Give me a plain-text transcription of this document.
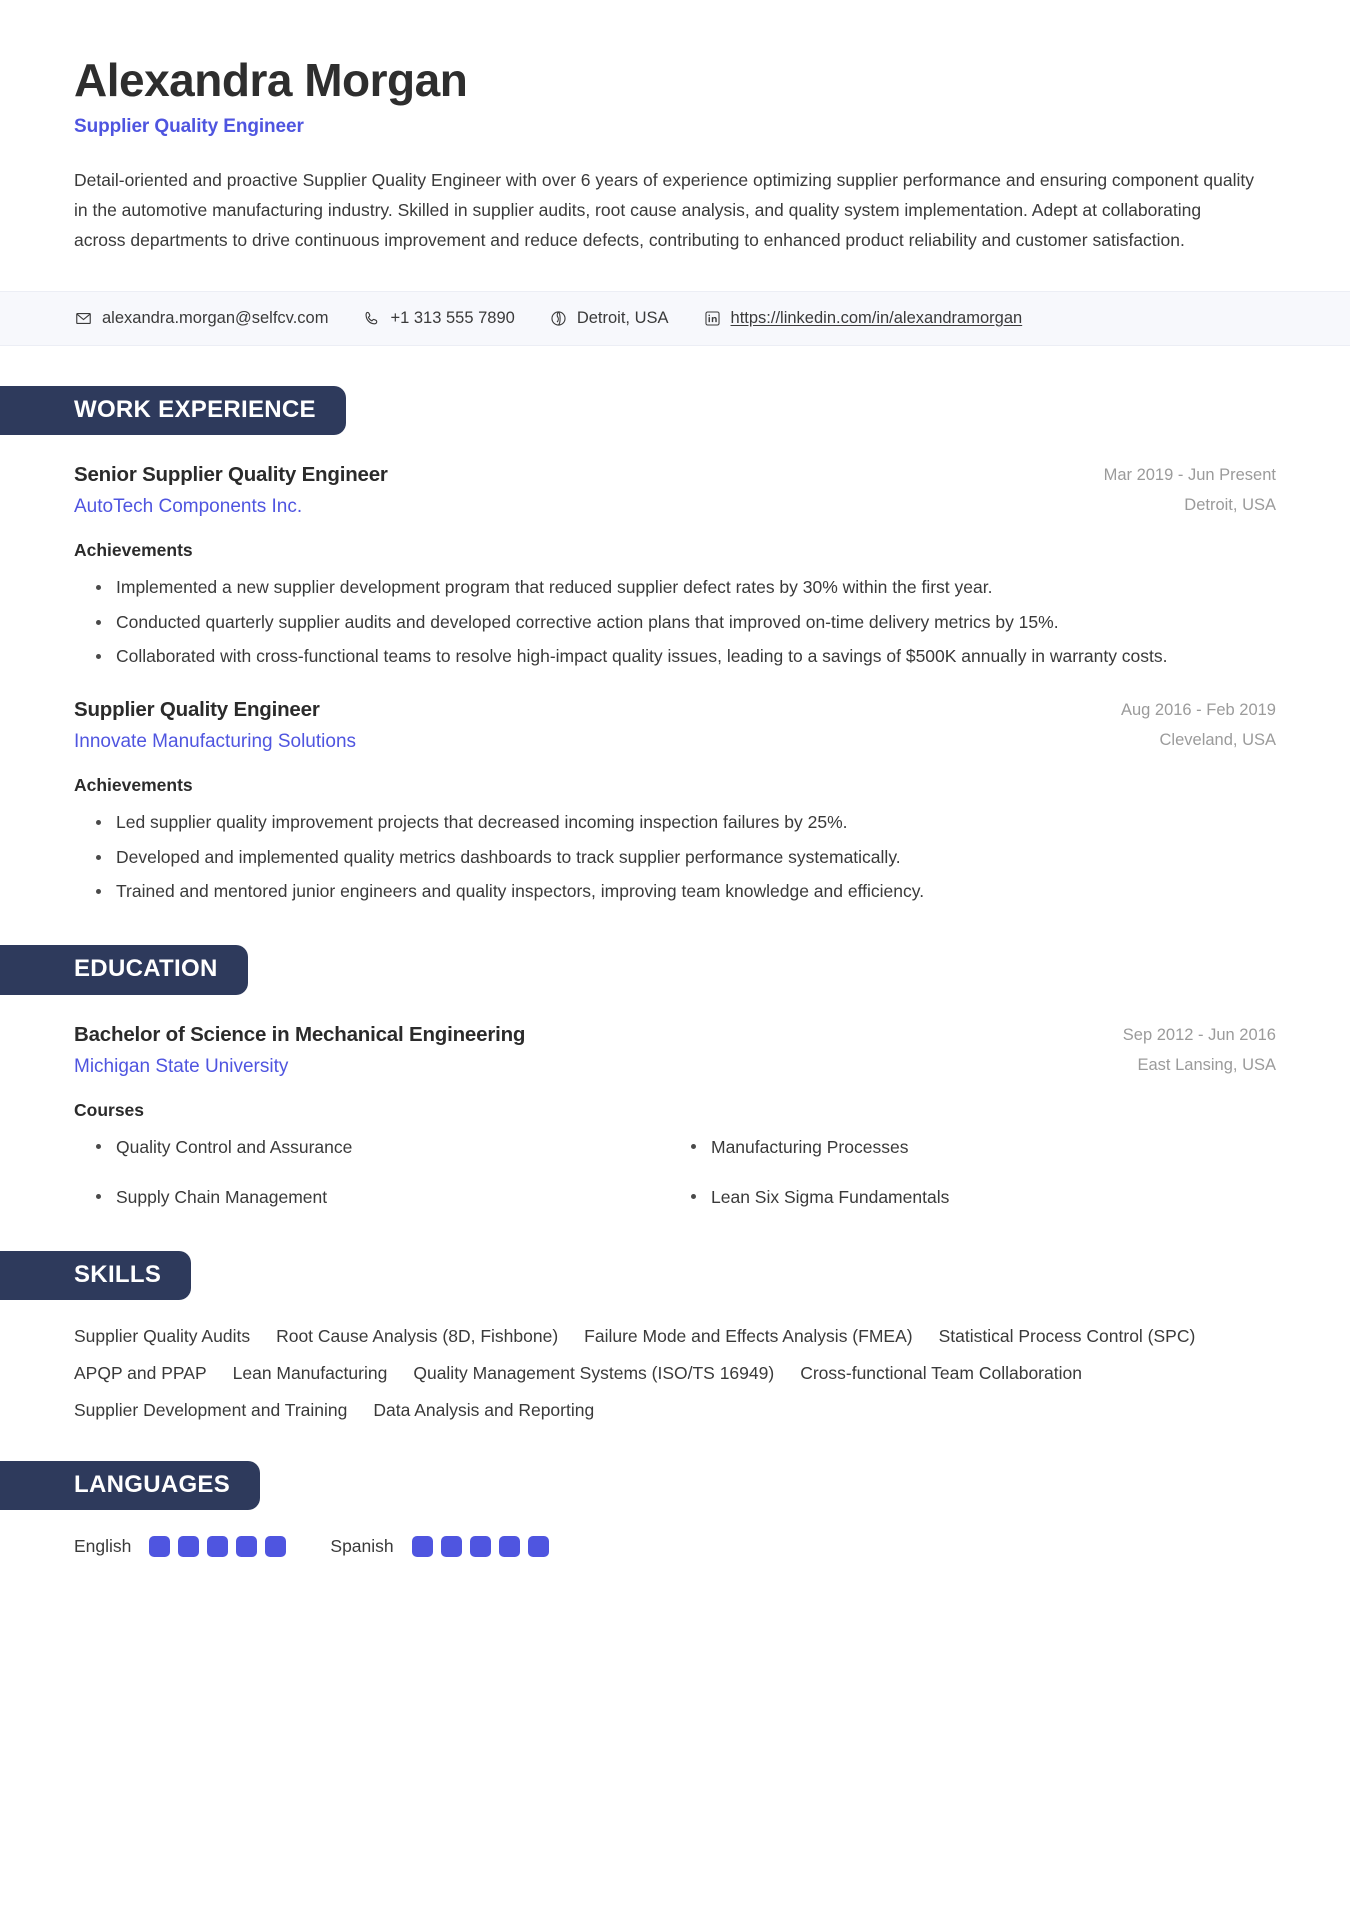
Alexandra Morgan
Supplier Quality Engineer
Detail-oriented and proactive Supplier Quality Engineer with over 6 years of experience optimizing supplier performance and ensuring component quality in the automotive manufacturing industry. Skilled in supplier audits, root cause analysis, and quality system implementation. Adept at collaborating across departments to drive continuous improvement and reduce defects, contributing to enhanced product reliability and customer satisfaction.
alexandra.morgan@selfcv.com	+1 313 555 7890	Detroit, USA	https://linkedin.com/in/alexandramorgan
WORK EXPERIENCE
Senior Supplier Quality Engineer
AutoTech Components Inc.
Mar 2019 - Jun Present
Detroit, USA
Achievements
Implemented a new supplier development program that reduced supplier defect rates by 30% within the first year.
Conducted quarterly supplier audits and developed corrective action plans that improved on-time delivery metrics by 15%.
Collaborated with cross-functional teams to resolve high-impact quality issues, leading to a savings of $500K annually in warranty costs.
Supplier Quality Engineer
Innovate Manufacturing Solutions
Aug 2016 - Feb 2019
Cleveland, USA
Achievements
Led supplier quality improvement projects that decreased incoming inspection failures by 25%.
Developed and implemented quality metrics dashboards to track supplier performance systematically.
Trained and mentored junior engineers and quality inspectors, improving team knowledge and efficiency.
EDUCATION
Bachelor of Science in Mechanical Engineering
Michigan State University
Sep 2012 - Jun 2016
East Lansing, USA
Courses
Quality Control and Assurance	Manufacturing Processes
Supply Chain Management	Lean Six Sigma Fundamentals
SKILLS
Supplier Quality Audits Root Cause Analysis (8D, Fishbone) Failure Mode and Effects Analysis (FMEA) Statistical Process Control (SPC)
APQP and PPAP Lean Manufacturing Quality Management Systems (ISO/TS 16949) Cross-functional Team Collaboration
Supplier Development and Training Data Analysis and Reporting
LANGUAGES
English	Spanish
